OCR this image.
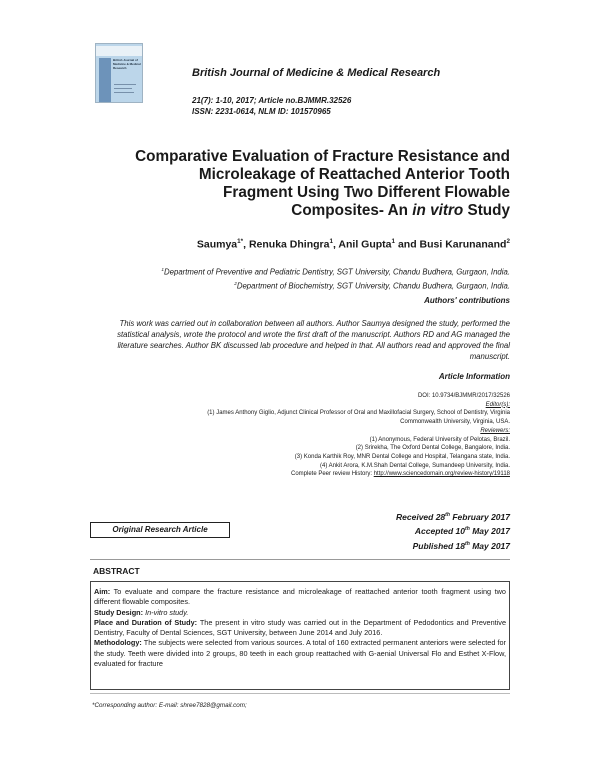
British Journal of Medicine & Medical Research	British Journal of Medicine & Medical Research
21(7): 1-10, 2017; Article no.BJMMR.32526
ISSN: 2231-0614, NLM ID: 101570965
Comparative Evaluation of Fracture Resistance and
Microleakage of Reattached Anterior Tooth
Fragment Using Two Different Flowable
Composites- An in vitro Study
Saumya$^{1*}$, Renuka Dhingra$^1$, Anil Gupta$^1$ and Busi Karunanand$^2$
$^1$Department of Preventive and Pediatric Dentistry, SGT University, Chandu Budhera, Gurgaon, India.
$^2$Department of Biochemistry, SGT University, Chandu Budhera, Gurgaon, India.
Authors' contributions
This work was carried out in collaboration between all authors. Author Saumya designed the study, performed the statistical analysis, wrote the protocol and wrote the first draft of the manuscript. Authors RD and AG managed the literature searches. Author BK discussed lab procedure and helped in that. All authors read and approved the final manuscript.
Article Information
DOI: 10.9734/BJMMR/2017/32526
Editor(s):
(1) James Anthony Giglio, Adjunct Clinical Professor of Oral and Maxillofacial Surgery, School of Dentistry, Virginia
Commonwealth University, Virginia, USA.
Reviewers:
(1) Anonymous, Federal University of Pelotas, Brazil.
(2) Srirekha, The Oxford Dental College, Bangalore, India.
(3) Konda Karthik Roy, MNR Dental College and Hospital, Telangana state, India.
(4) Ankit Arora, K.M.Shah Dental College, Sumandeep University, India.
Complete Peer review History: http://www.sciencedomain.org/review-history/19118
Received 28th February 2017
Accepted 10th May 2017
Published 18th May 2017
Original Research Article
ABSTRACT
Aim: To evaluate and compare the fracture resistance and microleakage of reattached anterior tooth fragment using two different flowable composites.
Study Design: In-vitro study.
Place and Duration of Study: The present in vitro study was carried out in the Department of Pedodontics and Preventive Dentistry, Faculty of Dental Sciences, SGT University, between June 2014 and July 2016.
Methodology: The subjects were selected from various sources. A total of 160 extracted permanent anteriors were selected for the study. Teeth were divided into 2 groups, 80 teeth in each group reattached with G-aenial Universal Flo and Esthet X-Flow, evaluated for fracture
*Corresponding author: E-mail: shree7828@gmail.com;
